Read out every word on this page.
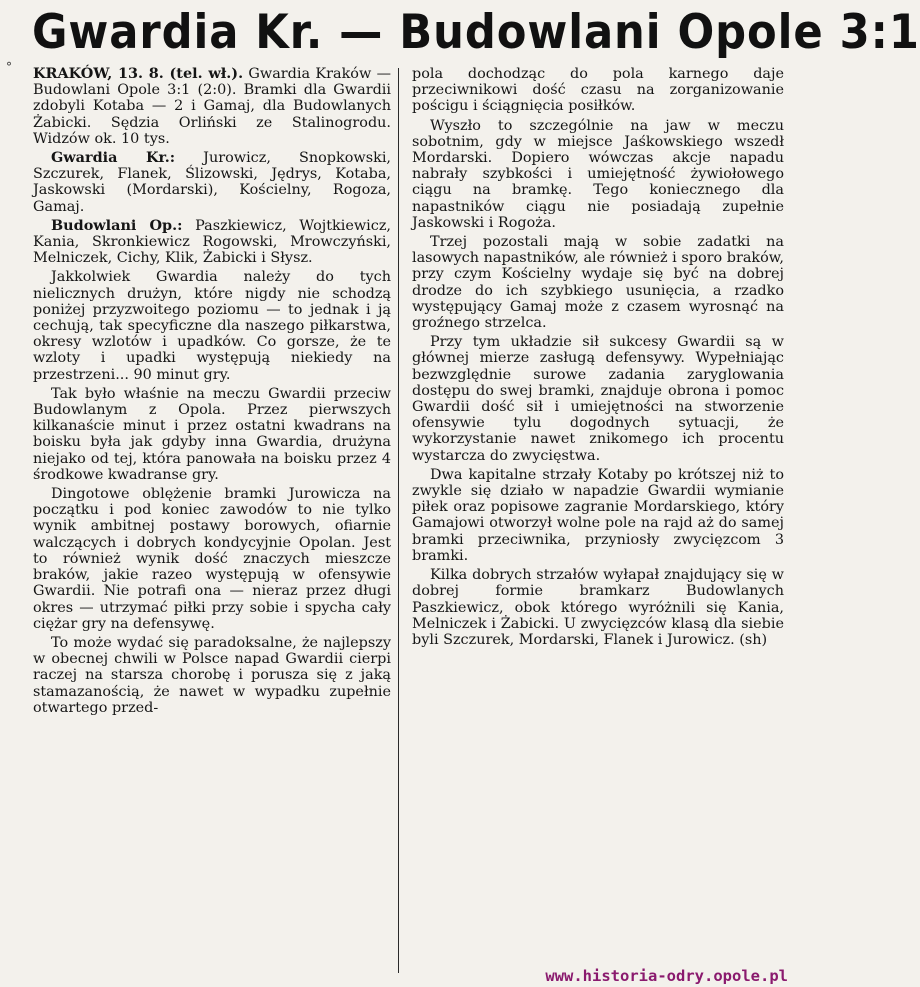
Gwardia Kr. — Budowlani Opole 3:1
° KRAKÓW, 13. 8. (tel. wł.). Gwardia Kraków — Budowlani Opole 3:1 (2:0). Bramki dla Gwardii zdobyli Kotaba — 2 i Gamaj, dla Budowlanych Żabicki. Sędzia Orliński ze Stalinogrodu. Widzów ok. 10 tys.

Gwardia Kr.: Jurowicz, Snopkowski, Szczurek, Flanek, Ślizowski, Jędrys, Kotaba, Jaskowski (Mordarski), Kościelny, Rogoza, Gamaj.

Budowlani Op.: Paszkiewicz, Wojtkiewicz, Kania, Skronkiewicz Rogowski, Mrowczyński, Melniczek, Cichy, Klik, Żabicki i Słysz.

Jakkolwiek Gwardia należy do tych nielicznych drużyn, które nigdy nie schodzą poniżej przyzwoitego poziomu — to jednak i ją cechują, tak specyficzne dla naszego piłkarstwa, okresy wzlotów i upadków. Co gorsze, że te wzloty i upadki występują niekiedy na przestrzeni... 90 minut gry.

Tak było właśnie na meczu Gwardii przeciw Budowlanym z Opola. Przez pierwszych kilkanaście minut i przez ostatni kwadrans na boisku była jak gdyby inna Gwardia, drużyna niejako od tej, która panowała na boisku przez 4 środkowe kwadranse gry.

Dingotowe oblężenie bramki Jurowicza na początku i pod koniec zawodów to nie tylko wynik ambitnej postawy borowych, ofiarnie walczących i dobrych kondycyjnie Opolan. Jest to również wynik dość znaczych mieszcze braków, jakie razeo występują w ofensywie Gwardii. Nie potrafi ona — nieraz przez długi okres — utrzymać piłki przy sobie i spycha cały ciężar gry na defensywę.

To może wydać się paradoksalne, że najlepszy w obecnej chwili w Polsce napad Gwardii cierpi raczej na starsza chorobę i porusza się z jaką stamazanością, że nawet w wypadku zupełnie otwartego przed-

pola dochodząc do pola karnego daje przeciwnikowi dość czasu na zorganizowanie pościgu i ściągnięcia posiłków.

Wyszło to szczególnie na jaw w meczu sobotnim, gdy w miejsce Jaśkowskiego wszedł Mordarski. Dopiero wówczas akcje napadu nabrały szybkości i umiejętność żywiołowego ciągu na bramkę. Tego koniecznego dla napastników ciągu nie posiadają zupełnie Jaskowski i Rogoża.

Trzej pozostali mają w sobie zadatki na lasowych napastników, ale również i sporo braków, przy czym Kościelny wydaje się być na dobrej drodze do ich szybkiego usunięcia, a rzadko występujący Gamaj może z czasem wyrosnąć na groźnego strzelca.

Przy tym układzie sił sukcesy Gwardii są w głównej mierze zasługą defensywy. Wypełniając bezwzględnie surowe zadania zaryglowania dostępu do swej bramki, znajduje obrona i pomoc Gwardii dość sił i umiejętności na stworzenie ofensywie tylu dogodnych sytuacji, że wykorzystanie nawet znikomego ich procentu wystarcza do zwycięstwa.

Dwa kapitalne strzały Kotaby po krótszej niż to zwykle się działo w napadzie Gwardii wymianie piłek oraz popisowe zagranie Mordarskiego, który Gamajowi otworzył wolne pole na rajd aż do samej bramki przeciwnika, przyniosły zwycięzcom 3 bramki.

Kilka dobrych strzałów wyłapał znajdujący się w dobrej formie bramkarz Budowlanych Paszkiewicz, obok którego wyróżnili się Kania, Melniczek i Żabicki. U zwycięzców klasą dla siebie byli Szczurek, Mordarski, Flanek i Jurowicz. (sh)

www.historia-odry.opole.pl
